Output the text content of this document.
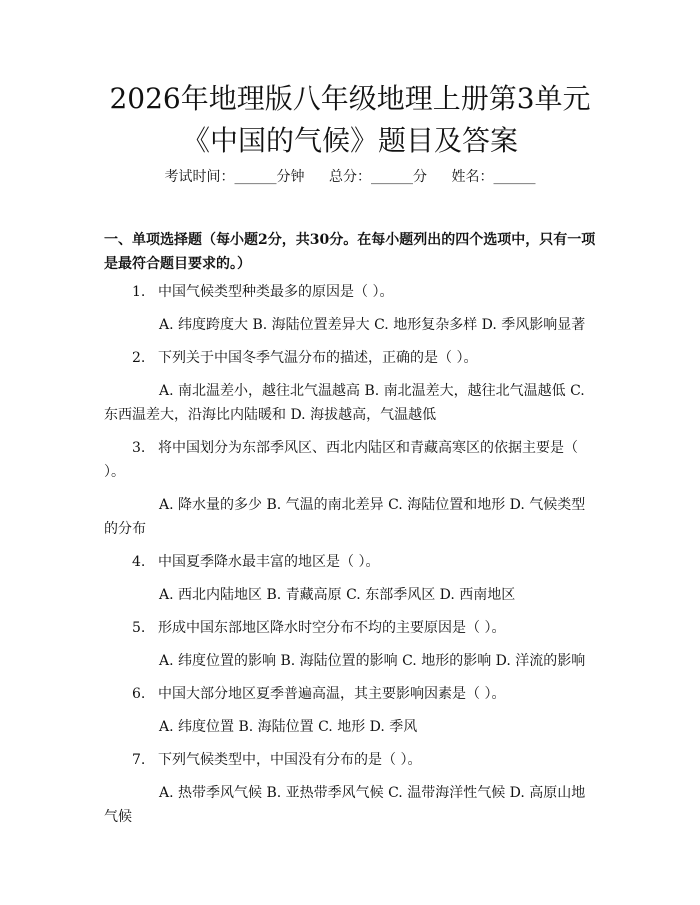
2026年地理版八年级地理上册第3单元《中国的气候》题目及答案
考试时间：______分钟 总分：______分 姓名：______

一、单项选择题（每小题2分，共30分。在每小题列出的四个选项中，只有一项是最符合题目要求的。）

1. 中国气候类型种类最多的原因是（ ）。

A. 纬度跨度大 B. 海陆位置差异大 C. 地形复杂多样 D. 季风影响显著

2. 下列关于中国冬季气温分布的描述，正确的是（ ）。

A. 南北温差小，越往北气温越高 B. 南北温差大，越往北气温越低 C. 东西温差大，沿海比内陆暖和 D. 海拔越高，气温越低

3. 将中国划分为东部季风区、西北内陆区和青藏高寒区的依据主要是（ ）。

A. 降水量的多少 B. 气温的南北差异 C. 海陆位置和地形 D. 气候类型的分布

4. 中国夏季降水最丰富的地区是（ ）。

A. 西北内陆地区 B. 青藏高原 C. 东部季风区 D. 西南地区

5. 形成中国东部地区降水时空分布不均的主要原因是（ ）。

A. 纬度位置的影响 B. 海陆位置的影响 C. 地形的影响 D. 洋流的影响

6. 中国大部分地区夏季普遍高温，其主要影响因素是（ ）。

A. 纬度位置 B. 海陆位置 C. 地形 D. 季风

7. 下列气候类型中，中国没有分布的是（ ）。

A. 热带季风气候 B. 亚热带季风气候 C. 温带海洋性气候 D. 高原山地气候
